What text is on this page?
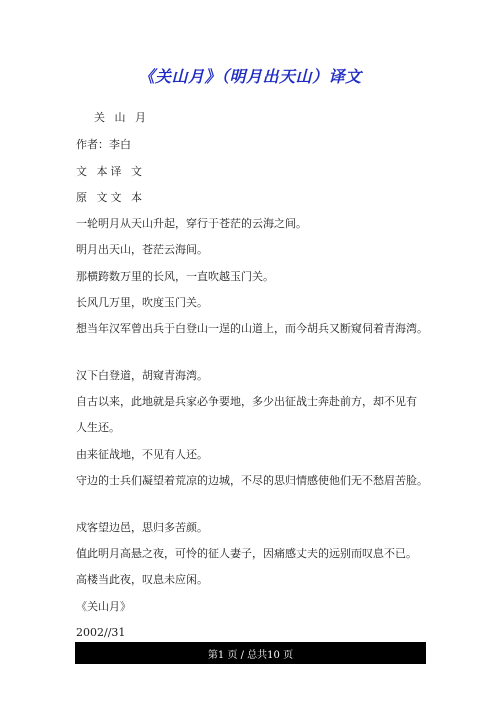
《关山月》（明月出天山）译文
关 山 月
作者：李白
文 本译 文
原 文文 本
一轮明月从天山升起，穿行于苍茫的云海之间。
明月出天山，苍茫云海间。
那横跨数万里的长风，一直吹越玉门关。
长风几万里，吹度玉门关。
想当年汉军曾出兵于白登山一逞的山道上，而今胡兵又断窥伺着青海湾。
汉下白登道，胡窥青海湾。
自古以来，此地就是兵家必争要地，多少出征战士奔赴前方，却不见有
人生还。
由来征战地，不见有人还。
守边的士兵们凝望着荒凉的边城，不尽的思归情感使他们无不愁眉苦脸。
戍客望边邑，思归多苦颜。
值此明月高悬之夜，可怜的征人妻子，因痛感丈夫的远别而叹息不已。
高楼当此夜，叹息未应闲。
《关山月》
2002//31
第1 页 / 总共10 页
